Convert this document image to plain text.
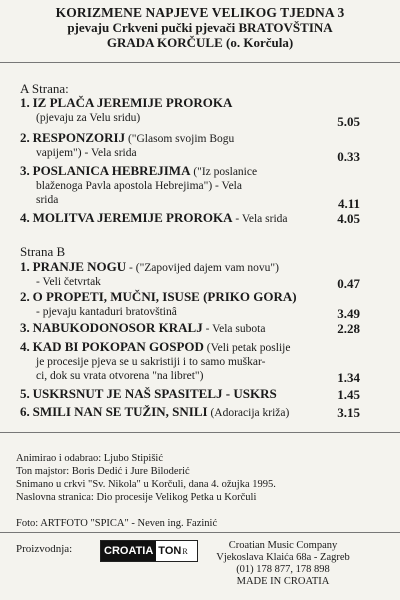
KORIZMENE NAPJEVE VELIKOG TJEDNA 3
pjevaju Crkveni pučki pjevači BRATOVŠTINA
GRADA KORČULE (o. Korčula)
A Strana:
1. IZ PLAČA JEREMIJE PROROKA
(pjevaju za Velu sridu)	5.05
2. RESPONZORIJ ("Glasom svojim Bogu
vapijem") - Vela srida	0.33
3. POSLANICA HEBREJIMA ("Iz poslanice
blaženoga Pavla apostola Hebrejima") - Vela
srida	4.11
4. MOLITVA JEREMIJE PROROKA - Vela srida	4.05
Strana B
1. PRANJE NOGU - ("Zapovijed dajem vam novu")
- Veli četvrtak	0.47
2. O PROPETI, MUČNI, ISUSE (PRIKO GORA)
- pjevaju kantaduri bratovštinâ	3.49
3. NABUKODONOSOR KRALJ - Vela subota	2.28
4. KAD BI POKOPAN GOSPOD (Veli petak poslije
je procesije pjeva se u sakristiji i to samo muškar-
ci, dok su vrata otvorena "na libret")	1.34
5. USKRSNUT JE NAŠ SPASITELJ - USKRS	1.45
6. SMILI NAN SE TUŽIN, SNILI (Adoracija križa)	3.15
Animirao i odabrao: Ljubo Stipišić
Ton majstor: Boris Dedić i Jure Biloderić
Snimano u crkvi "Sv. Nikola" u Korčuli, dana 4. ožujka 1995.
Naslovna stranica: Dio procesije Velikog Petka u Korčuli
Foto: ARTFOTO "SPICA" - Neven ing. Fazinić
Proizvodnja:	CROATIA TON R	Croatian Music Company
Vjekoslava Klaića 68a - Zagreb
(01) 178 877, 178 898
MADE IN CROATIA
